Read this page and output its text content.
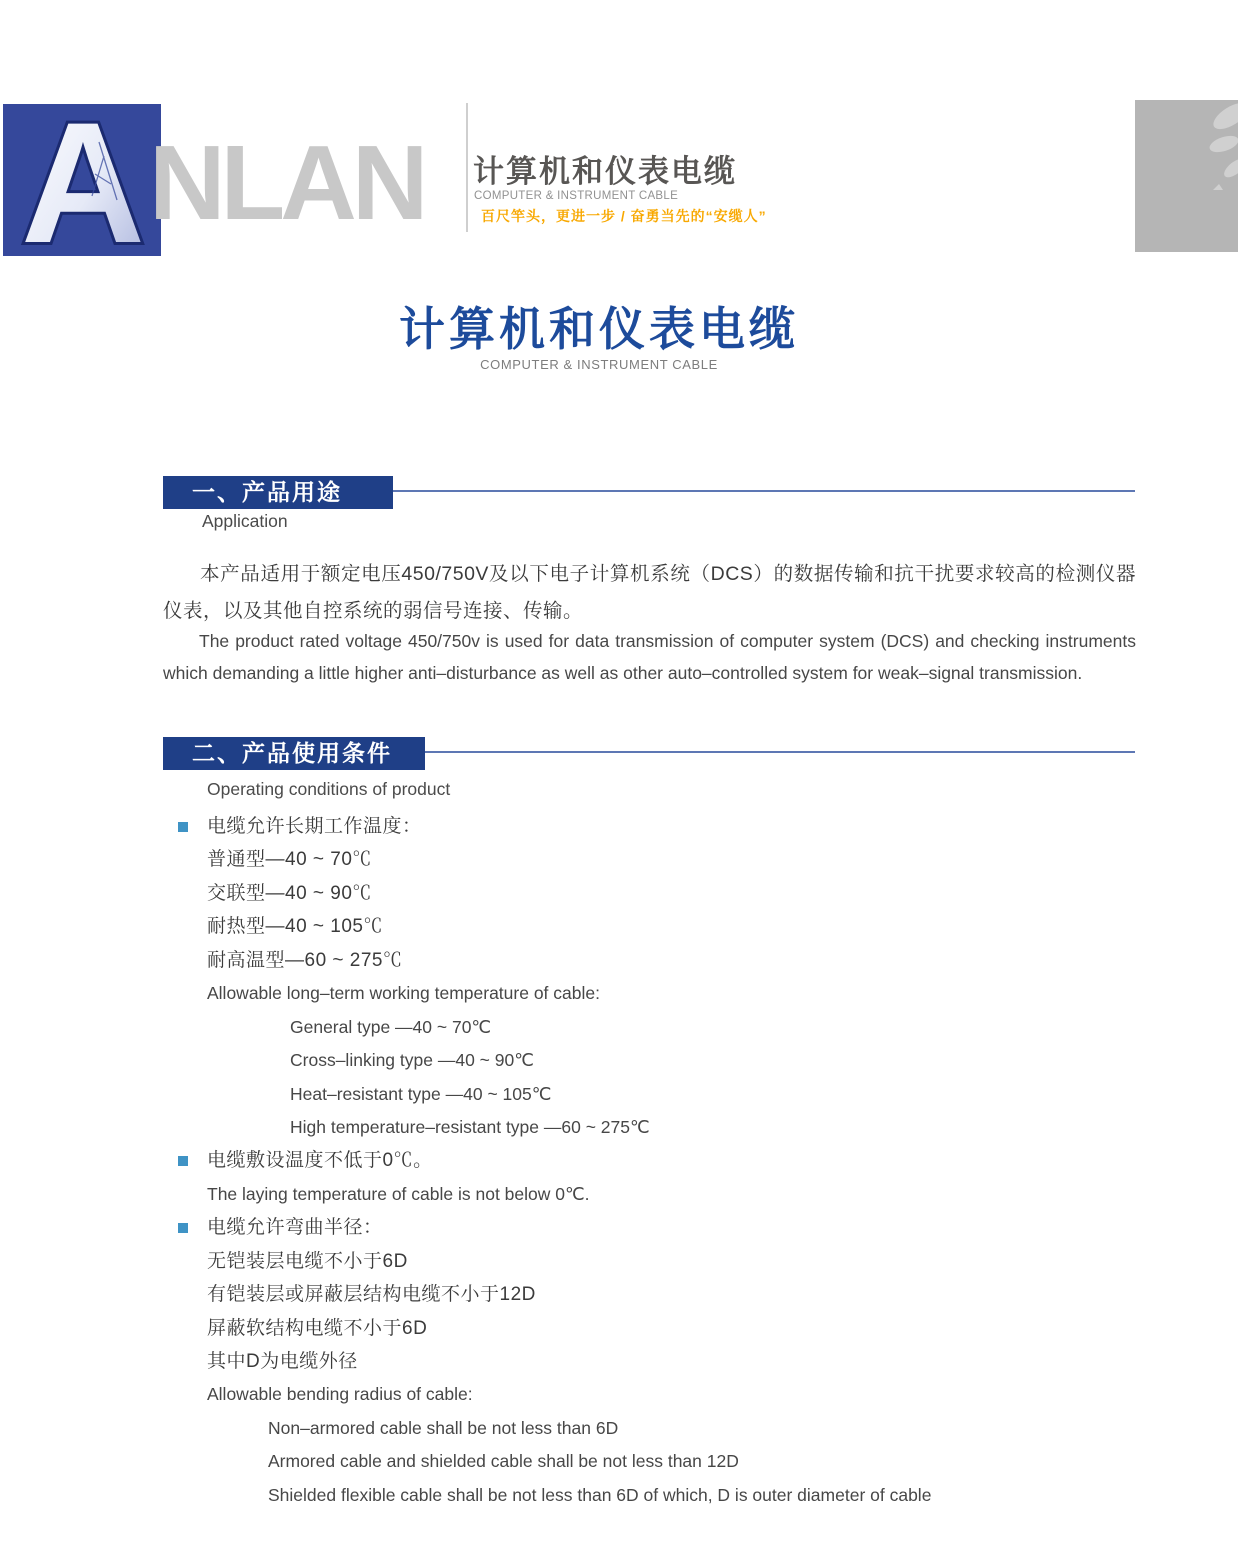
A NLAN 计算机和仪表电缆
COMPUTER & INSTRUMENT CABLE
百尺竿头，更进一步 / 奋勇当先的“安缆人”
计算机和仪表电缆
COMPUTER & INSTRUMENT CABLE
一、产品用途
Application
本产品适用于额定电压450/750V及以下电子计算机系统（DCS）的数据传输和抗干扰要求较高的检测仪器仪表，以及其他自控系统的弱信号连接、传输。
The product rated voltage 450/750v is used for data transmission of computer system (DCS) and checking instruments which demanding a little higher anti–disturbance as well as other auto–controlled system for weak–signal transmission.
二、产品使用条件
Operating conditions of product
电缆允许长期工作温度：
普通型—40 ~ 70℃
交联型—40 ~ 90℃
耐热型—40 ~ 105℃
耐高温型—60 ~ 275℃
Allowable long–term working temperature of cable:
General type —40 ~ 70℃
Cross–linking type —40 ~ 90℃
Heat–resistant type —40 ~ 105℃
High temperature–resistant type —60 ~ 275℃
电缆敷设温度不低于0℃。
The laying temperature of cable is not below 0℃.
电缆允许弯曲半径：
无铠装层电缆不小于6D
有铠装层或屏蔽层结构电缆不小于12D
屏蔽软结构电缆不小于6D
其中D为电缆外径
Allowable bending radius of cable:
Non–armored cable shall be not less than 6D
Armored cable and shielded cable shall be not less than 12D
Shielded flexible cable shall be not less than 6D of which, D is outer diameter of cable
